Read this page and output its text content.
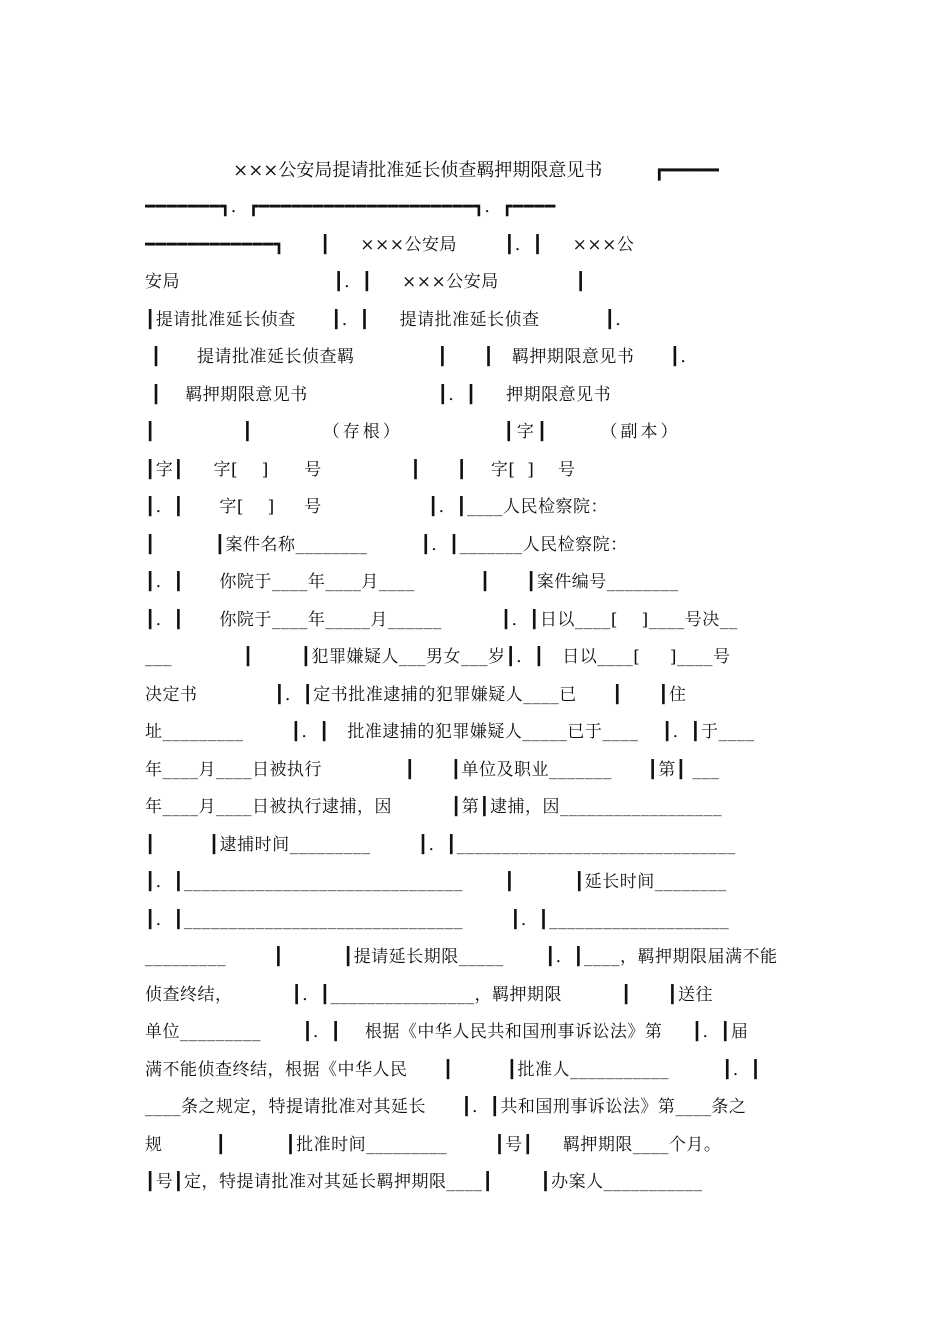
×××公安局提请批准延长侦查羁押期限意见书         ┏━━━━━
━━━━━━━┓．┏━━━━━━━━━━━━━━━━━━━━┓．┏━━━━
━━━━━━━━━━━━┓      ┃     ×××公安局        ┃．┃     ×××公
安局                          ┃．┃     ×××公安局             ┃
┃提请批准延长侦查      ┃．┃     提请批准延长侦查           ┃．
┃      提请批准延长侦查羁              ┃      ┃   羁押期限意见书      ┃．
┃    羁押期限意见书                      ┃．┃     押期限意见书
┃          ┃        （存根）            ┃字┃      （副本）
┃字┃     字[    ]      号               ┃      ┃    字[  ]    号
┃．┃      字[    ]     号                  ┃．┃____人民检察院：
┃          ┃案件名称________         ┃．┃_______人民检察院：
┃．┃      你院于____年____月____           ┃      ┃案件编号________
┃．┃      你院于____年_____月______          ┃．┃日以____[    ]____号决__
___            ┃        ┃犯罪嫌疑人___男女___岁┃．┃   日以____[     ]____号
决定书             ┃．┃定书批准逮捕的犯罪嫌疑人____已      ┃      ┃住
址_________        ┃．┃   批准逮捕的犯罪嫌疑人_____已于____    ┃．┃于____
年____月____日被执行              ┃      ┃单位及职业_______      ┃第┃ ___
年____月____日被执行逮捕，因          ┃第┃逮捕，因__________________
┃         ┃逮捕时间_________        ┃．┃_______________________________
┃．┃_______________________________       ┃          ┃延长时间________
┃．┃_______________________________        ┃．┃____________________
_________        ┃          ┃提请延长期限_____       ┃．┃____，羁押期限届满不能
侦查终结，          ┃．┃________________，羁押期限          ┃      ┃送往
单位_________       ┃．┃    根据《中华人民共和国刑事诉讼法》第     ┃．┃届
满不能侦查终结，根据《中华人民      ┃         ┃批准人___________         ┃．┃
____条之规定，特提请批准对其延长      ┃．┃共和国刑事诉讼法》第____条之
规         ┃          ┃批准时间_________        ┃号┃     羁押期限____个月。
┃号┃定，特提请批准对其延长羁押期限____┃        ┃办案人___________
